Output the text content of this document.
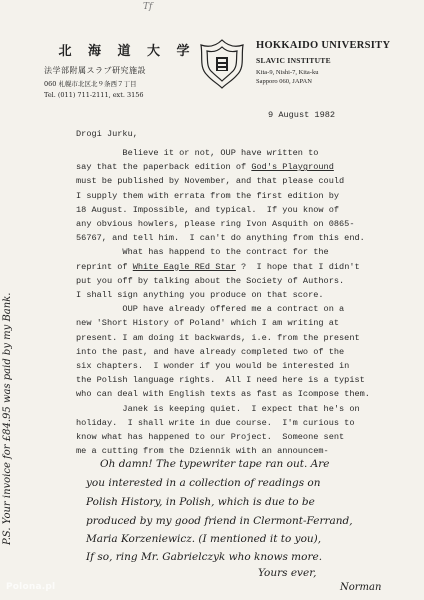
Tf
北 海 道 大 学
法学部附属スラブ研究施設
060 札幌市北区北９条西７丁目
Tel. (011) 711-2111, ext. 3156
HOKKAIDO UNIVERSITY
SLAVIC INSTITUTE
Kita-9, Nishi-7, Kita-ku
Sapporo 060, JAPAN
9 August 1982
Drogi Jurku,
Believe it or not, OUP have written to
say that the paperback edition of God's Playground
must be published by November, and that please could
I supply them with errata from the first edition by
18 August. Impossible, and typical.  If you know of
any obvious howlers, please ring Ivon Asquith on 0865-
56767, and tell him.  I can't do anything from this end.
What has happend to the contract for the
reprint of White Eagle REd Star ?  I hope that I didn't
put you off by talking about the Society of Authors.
I shall sign anything you produce on that score.
OUP have already offered me a contract on a
new 'Short History of Poland' which I am writing at
present. I am doing it backwards, i.e. from the present
into the past, and have already completed two of the
six chapters.  I wonder if you would be interested in
the Polish language rights.  All I need here is a typist
who can deal with English texts as fast as Icompose them.
Janek is keeping quiet.  I expect that he's on
holiday.  I shall write in due course.  I'm curious to
know what has happened to our Project.  Someone sent
me a cutting from the Dziennik with an announcem-
Oh damn! The typewriter tape ran out. Are
you interested in a collection of readings on
Polish History, in Polish, which is due to be
produced by my good friend in Clermont-Ferrand,
Maria Korzeniewicz. (I mentioned it to you),
If so, ring Mr. Gabrielczyk who knows more.
Yours ever,
Norman
P.S. Your invoice for £84.95 was paid by my Bank.
Polona.pl
